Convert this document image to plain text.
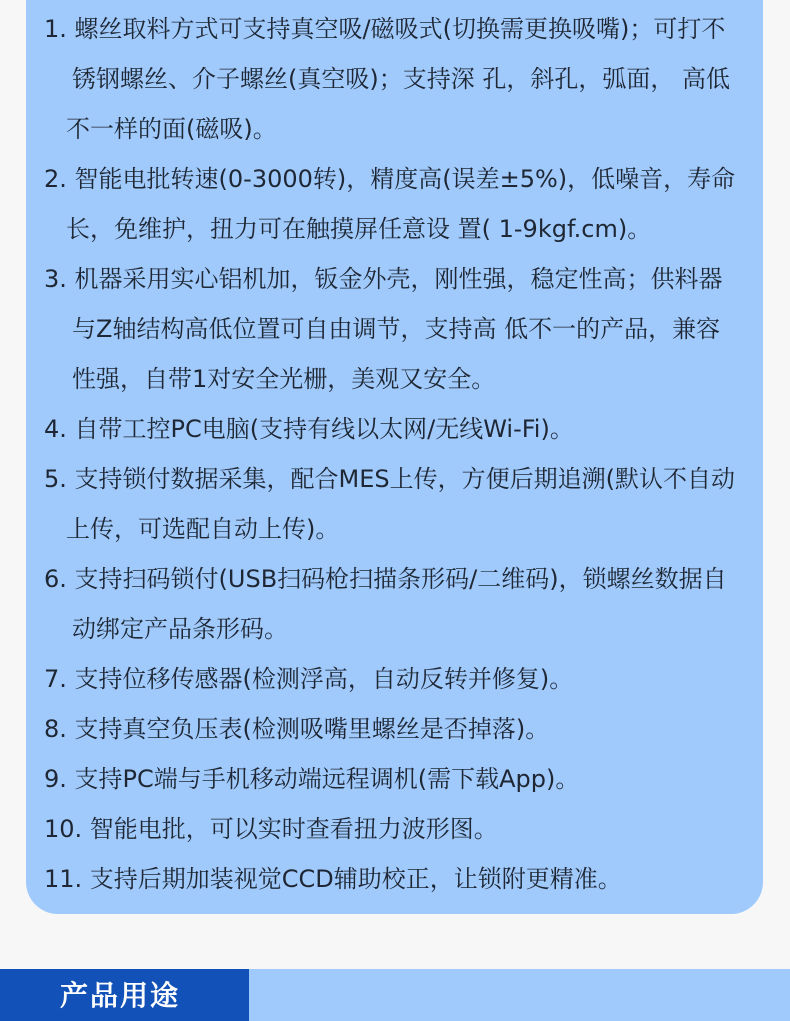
1. 螺丝取料方式可支持真空吸/磁吸式(切换需更换吸嘴)；可打不
锈钢螺丝、介子螺丝(真空吸)；支持深 孔，斜孔，弧面， 高低
不一样的面(磁吸)。
2. 智能电批转速(0-3000转)，精度高(误差±5%)，低噪音，寿命
长，免维护，扭力可在触摸屏任意设 置( 1-9kgf.cm)。
3. 机器采用实心铝机加，钣金外壳，刚性强，稳定性高；供料器
与Z轴结构高低位置可自由调节，支持高 低不一的产品，兼容
性强，自带1对安全光栅，美观又安全。
4. 自带工控PC电脑(支持有线以太网/无线Wi-Fi)。
5. 支持锁付数据采集，配合MES上传，方便后期追溯(默认不自动
上传，可选配自动上传)。
6. 支持扫码锁付(USB扫码枪扫描条形码/二维码)，锁螺丝数据自
动绑定产品条形码。
7. 支持位移传感器(检测浮高，自动反转并修复)。
8. 支持真空负压表(检测吸嘴里螺丝是否掉落)。
9. 支持PC端与手机移动端远程调机(需下载App)。
10. 智能电批，可以实时查看扭力波形图。
11. 支持后期加装视觉CCD辅助校正，让锁附更精准。
产品用途
